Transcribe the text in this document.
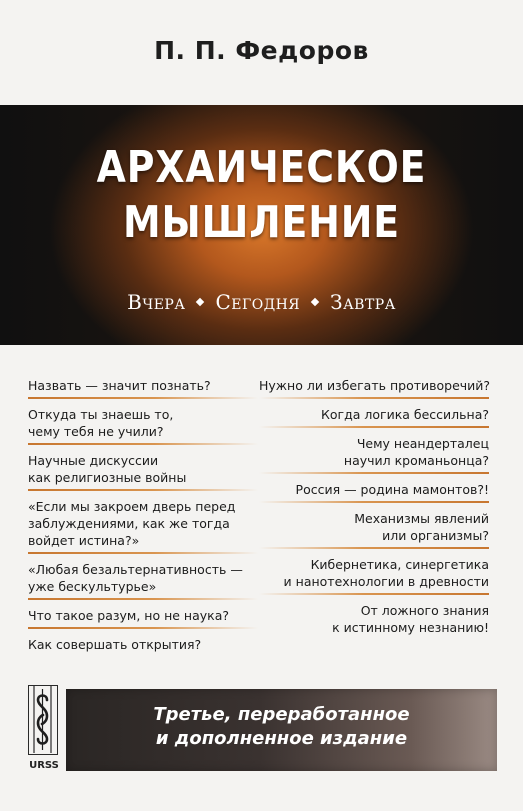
П. П. Федоров
АРХАИЧЕСКОЕ
МЫШЛЕНИЕ
Вчера Сегодня Завтра
Назвать — значит познать?
Откуда ты знаешь то,
чему тебя не учили?
Научные дискуссии
как религиозные войны
«Если мы закроем дверь перед
заблуждениями, как же тогда
войдет истина?»
«Любая безальтернативность —
уже бескультурье»
Что такое разум, но не наука?
Как совершать открытия?
Нужно ли избегать противоречий?
Когда логика бессильна?
Чему неандерталец
научил кроманьонца?
Россия — родина мамонтов?!
Механизмы явлений
или организмы?
Кибернетика, синергетика
и нанотехнологии в древности
От ложного знания
к истинному незнанию!
URSS
Третье, переработанное
и дополненное издание
